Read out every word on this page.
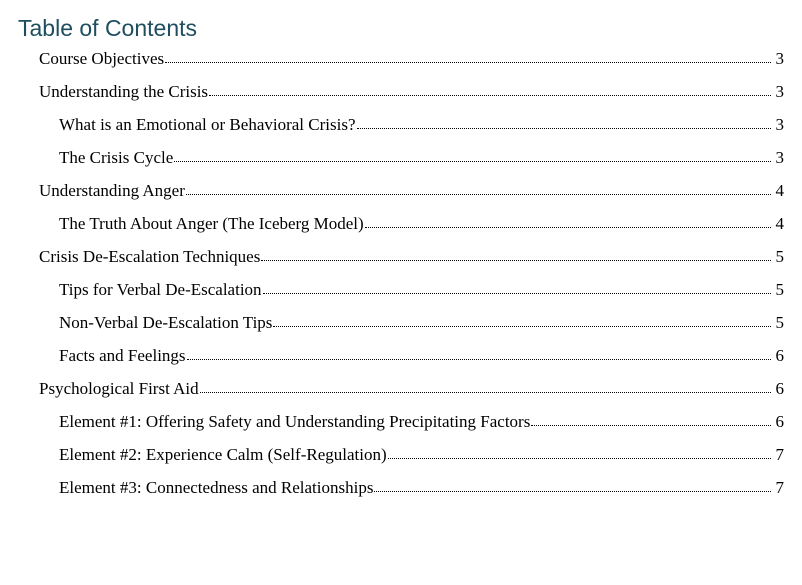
Table of Contents
Course Objectives	3
Understanding the Crisis	3
What is an Emotional or Behavioral Crisis?	3
The Crisis Cycle	3
Understanding Anger	4
The Truth About Anger (The Iceberg Model)	4
Crisis De-Escalation Techniques	5
Tips for Verbal De-Escalation	5
Non-Verbal De-Escalation Tips	5
Facts and Feelings	6
Psychological First Aid	6
Element #1: Offering Safety and Understanding Precipitating Factors	6
Element #2: Experience Calm (Self-Regulation)	7
Element #3: Connectedness and Relationships	7
